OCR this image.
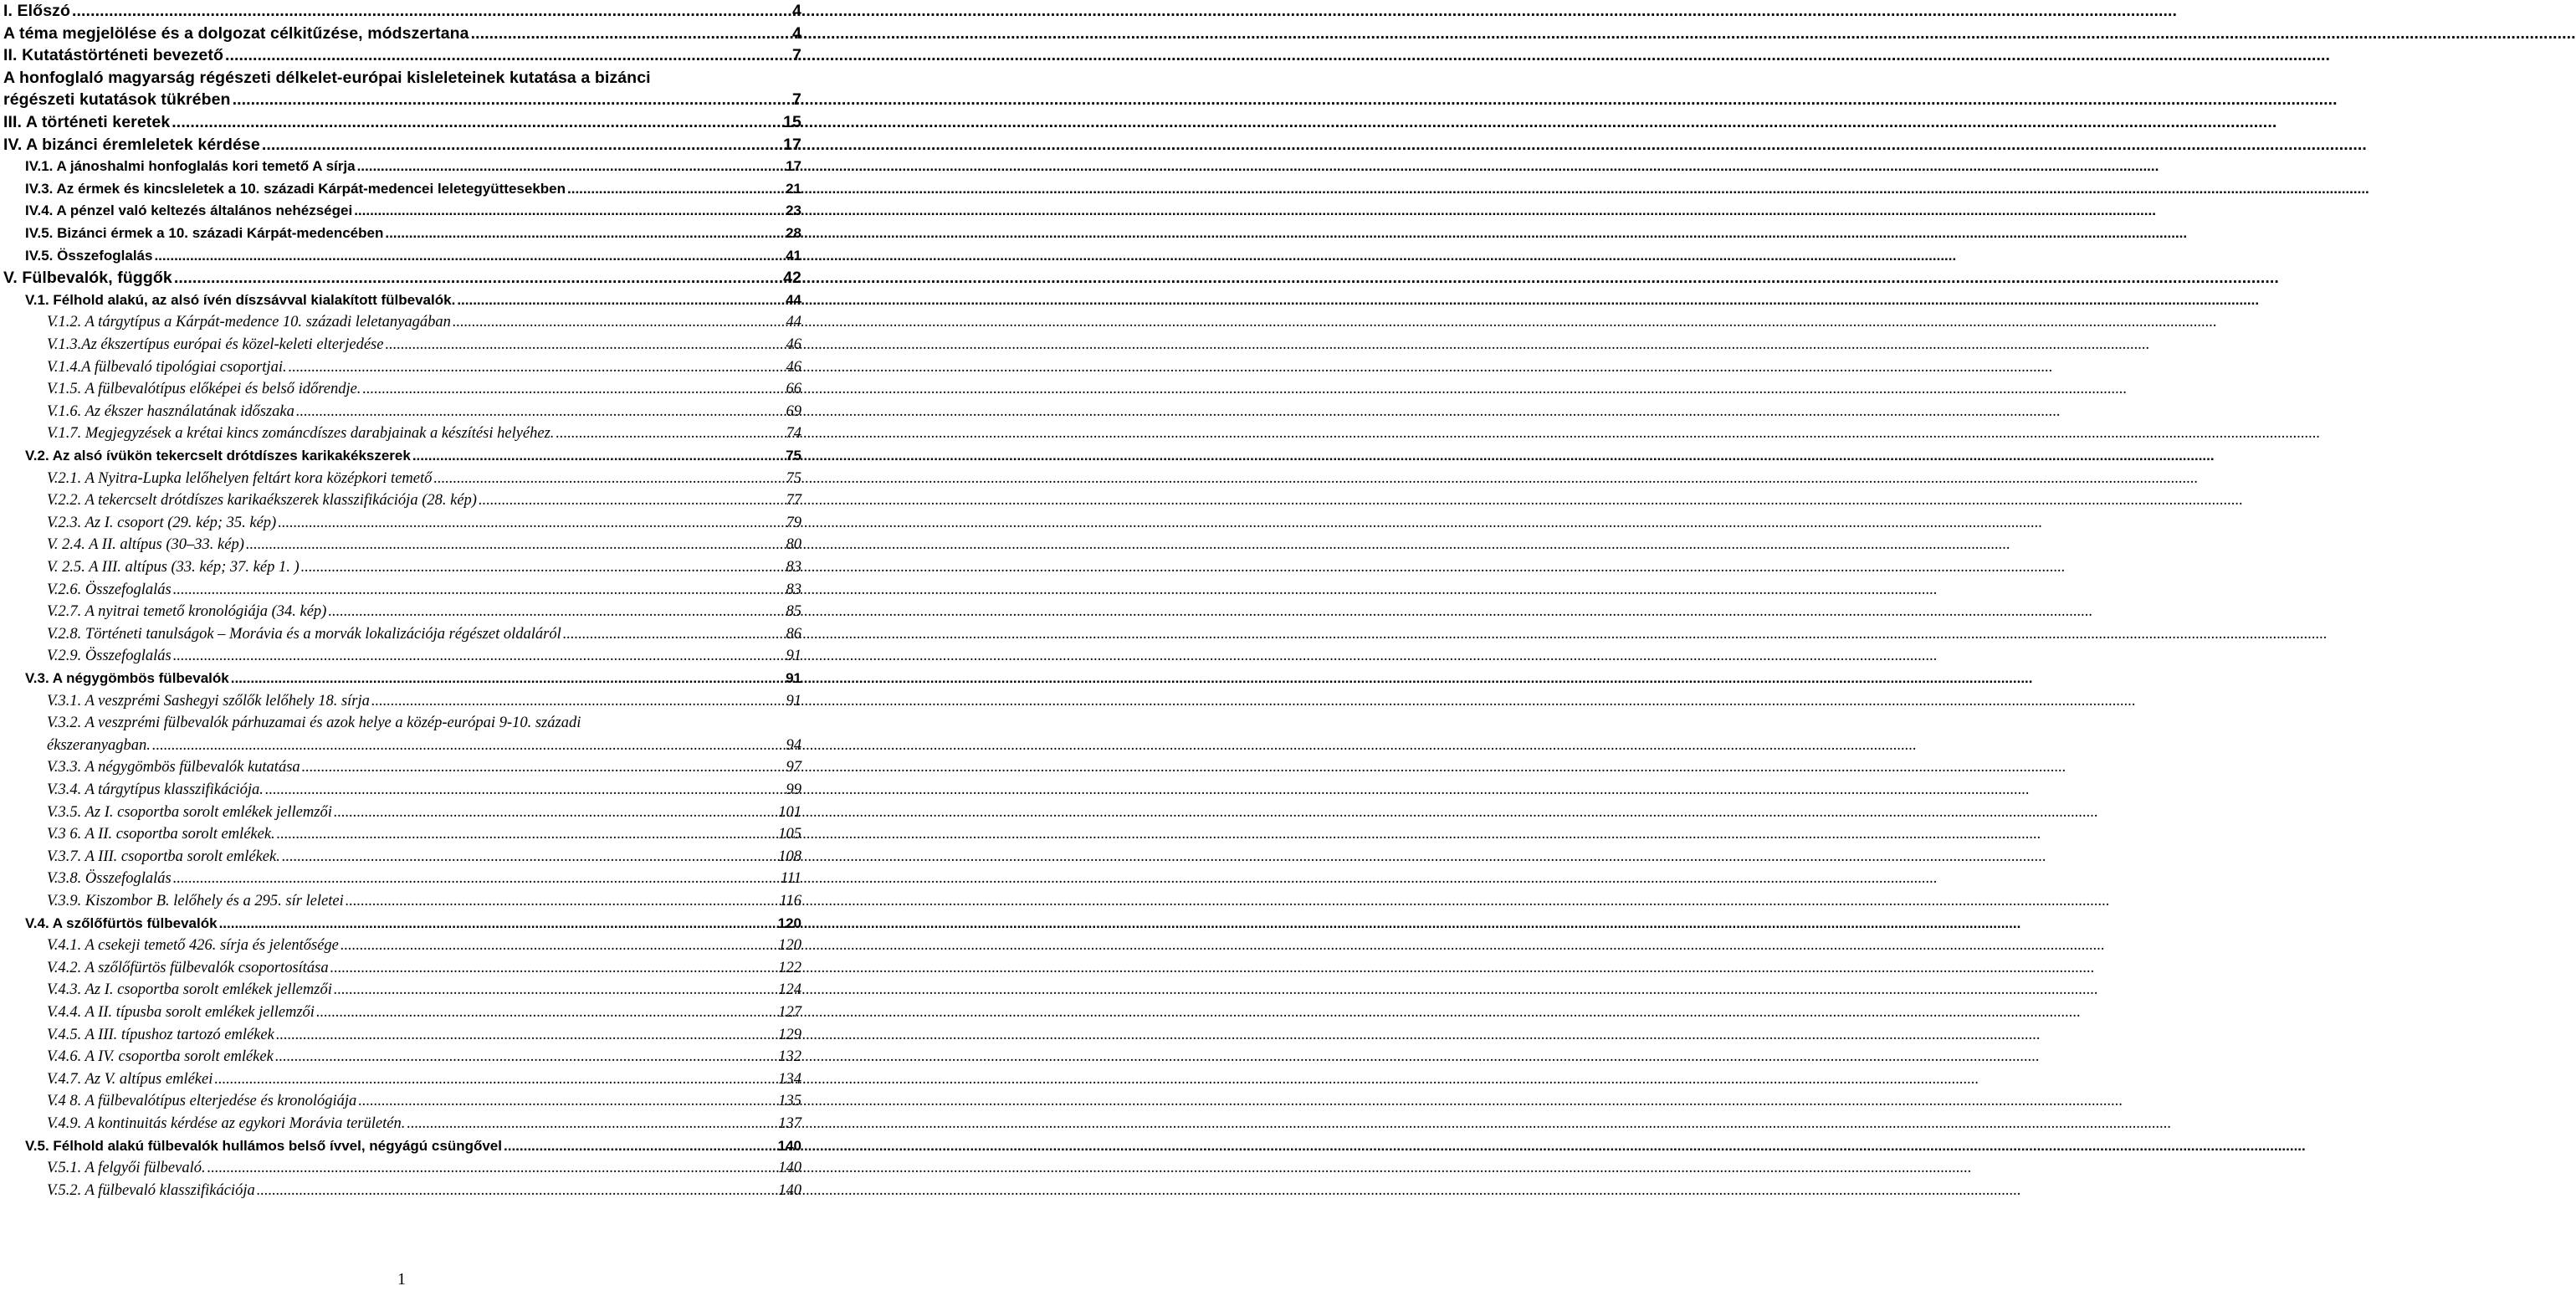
I. Előszó .....	4
A téma megjelölése és a dolgozat célkitűzése, módszertana .....	4
II. Kutatástörténeti bevezető .....	7
A honfoglaló magyarság régészeti délkelet-európai kisleleteinek kutatása a bizánci
régészeti kutatások tükrében .....	7
III. A történeti keretek .....	15
IV. A bizánci éremleletek kérdése .....	17
IV.1. A jánoshalmi honfoglalás kori temető A sírja .....	17
IV.3. Az érmek és kincsleletek a 10. századi Kárpát-medencei leletegyüttesekben .....	21
IV.4. A pénzel való keltezés általános nehézségei .....	23
IV.5. Bizánci érmek a 10. századi Kárpát-medencében .....	28
IV.5. Összefoglalás .....	41
V. Fülbevalók, függők .....	42
V.1. Félhold alakú, az alsó ívén díszsávval kialakított fülbevalók. .....	44
V.1.2. A tárgytípus a Kárpát-medence 10. századi leletanyagában .....	44
V.1.3.Az ékszertípus európai és közel-keleti elterjedése .....	46
V.1.4.A fülbevaló tipológiai csoportjai. .....	46
V.1.5. A fülbevalótípus előképei és belső időrendje. .....	66
V.1.6. Az ékszer használatának időszaka .....	69
V.1.7. Megjegyzések a krétai kincs zománcdíszes darabjainak a készítési helyéhez. .....	74
V.2. Az alsó ívükön tekercselt drótdíszes karikakékszerek .....	75
V.2.1. A Nyitra-Lupka lelőhelyen feltárt kora középkori temető .....	75
V.2.2. A tekercselt drótdíszes karikaékszerek klasszifikációja (28. kép) .....	77
V.2.3. Az I. csoport (29. kép; 35. kép) .....	79
V. 2.4. A II. altípus (30–33. kép) .....	80
V. 2.5. A III. altípus (33. kép; 37. kép 1. ) .....	83
V.2.6. Összefoglalás .....	83
V.2.7. A nyitrai temető kronológiája (34. kép) .....	85
V.2.8. Történeti tanulságok – Morávia és a morvák lokalizációja régészet oldaláról .....	86
V.2.9. Összefoglalás .....	91
V.3. A négygömbös fülbevalók .....	91
V.3.1. A veszprémi Sashegyi szőlők lelőhely 18. sírja .....	91
V.3.2. A veszprémi fülbevalók párhuzamai és azok helye a közép-európai 9-10. századi
ékszeranyagban. .....	94
V.3.3. A négygömbös fülbevalók kutatása .....	97
V.3.4. A tárgytípus klasszifikációja. .....	99
V.3.5. Az I. csoportba sorolt emlékek jellemzői .....	101
V.3 6. A II. csoportba sorolt emlékek. .....	105
V.3.7. A III. csoportba sorolt emlékek. .....	108
V.3.8. Összefoglalás .....	111
V.3.9. Kiszombor B. lelőhely és a 295. sír leletei .....	116
V.4. A szőlőfürtös fülbevalók .....	120
V.4.1. A csekeji temető 426. sírja és jelentősége .....	120
V.4.2. A szőlőfürtös fülbevalók csoportosítása .....	122
V.4.3. Az I. csoportba sorolt emlékek jellemzői .....	124
V.4.4. A II. típusba sorolt emlékek jellemzői .....	127
V.4.5. A III. típushoz tartozó emlékek .....	129
V.4.6. A IV. csoportba sorolt emlékek .....	132
V.4.7. Az V. altípus emlékei .....	134
V.4 8. A fülbevalótípus elterjedése és kronológiája .....	135
V.4.9. A kontinuitás kérdése az egykori Morávia területén. .....	137
V.5. Félhold alakú fülbevalók hullámos belső ívvel, négyágú csüngővel .....	140
V.5.1. A felgyői fülbevaló. .....	140
V.5.2. A fülbevaló klasszifikációja .....	140
1
